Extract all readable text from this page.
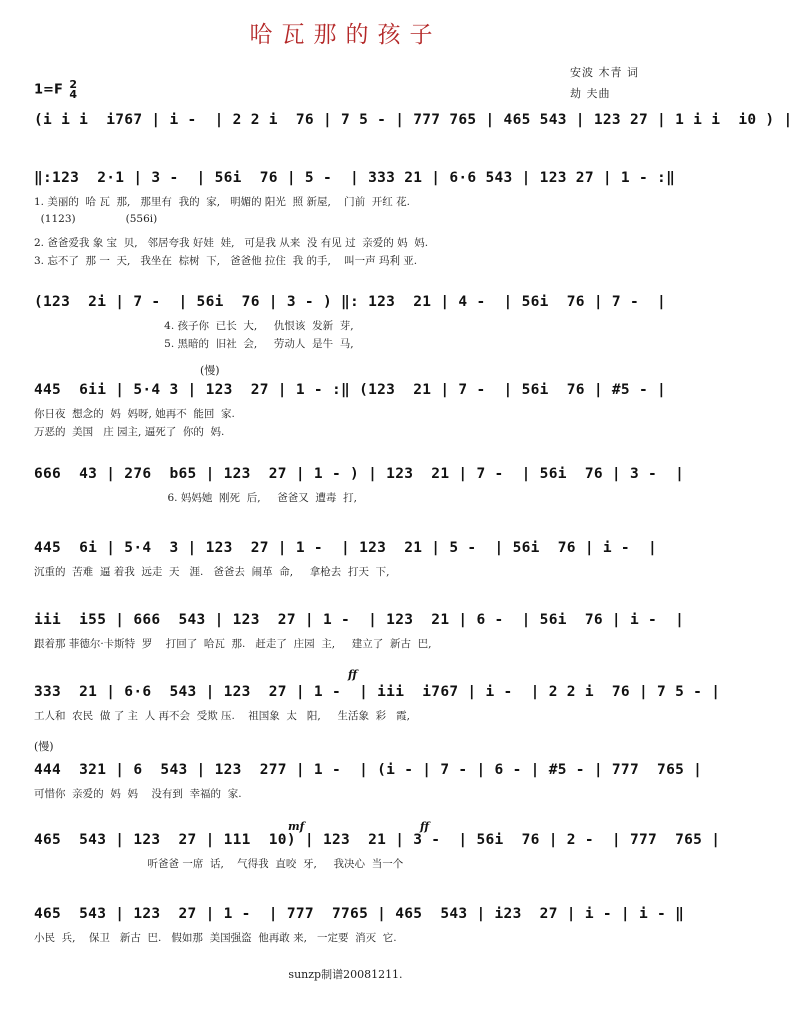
哈瓦那的孩子
安波 木青 词
劫 夫曲
1=F 2
4
(i i i  i767 | i -  | 2 2 i  76 | 7 5 - | 777 765 | 465 543 | 123 27 | 1 i i  i0 ) |
‖:123  2·1 | 3 -  | 56i  76 | 5 -  | 333 21 | 6·6 543 | 123 27 | 1 - :‖
1. 美丽的  哈 瓦  那,   那里有  我的  家,   明媚的 阳光  照 新屋,    门前  开红 花.
(1123)               (556i)
2. 爸爸爱我 象 宝  贝,   邻居夸我 好娃  娃,   可是我 从来  没 有见 过  亲爱的 妈  妈.
3. 忘不了  那 一  天,   我坐在  棕树  下,   爸爸他 拉住  我 的手,    叫一声 玛利 亚.
(123  2i | 7 -  | 56i  76 | 3 - ) ‖: 123  21 | 4 -  | 56i  76 | 7 -  |
4. 孩子你  已长  大,     仇恨该  发新  芽,
5. 黑暗的  旧社  会,     劳动人  是牛  马,
(慢)
445  6ii | 5·4 3 | 123  27 | 1 - :‖ (123  21 | 7 -  | 56i  76 | #5 - |
你日夜  想念的  妈  妈呀, 她再不  能回  家.
万恶的  美国   庄 园主, 逼死了  你的  妈.
666  43 | 276  b65 | 123  27 | 1 - ) | 123  21 | 7 -  | 56i  76 | 3 -  |
6. 妈妈她  刚死  后,     爸爸又  遭毒  打,
445  6i | 5·4  3 | 123  27 | 1 -  | 123  21 | 5 -  | 56i  76 | i -  |
沉重的  苦难  逼 着我  远走  天   涯.   爸爸去  闹革  命,     拿枪去  打天  下,
iii  i55 | 666  543 | 123  27 | 1 -  | 123  21 | 6 -  | 56i  76 | i -  |
跟着那 菲德尔·卡斯特  罗    打回了  哈瓦  那.   赶走了  庄园  主,     建立了  新古  巴,
ff
333  21 | 6·6  543 | 123  27 | 1 -  | iii  i767 | i -  | 2 2 i  76 | 7 5 - |
工人和  农民  做 了 主  人 再不会  受欺 压.    祖国象  太   阳,     生活象  彩   霞,
(慢)
444  321 | 6  543 | 123  277 | 1 -  | (i - | 7 - | 6 - | #5 - | 777  765 |
可惜你  亲爱的  妈  妈    没有到  幸福的  家.
mf	ff
465  543 | 123  27 | 111  10) | 123  21 | 3 -  | 56i  76 | 2 -  | 777  765 |
听爸爸 一席  话,    气得我  直咬  牙,     我决心  当一个
465  543 | 123  27 | 1 -  | 777  7765 | 465  543 | i23  27 | i - | i - ‖
小民  兵,    保卫   新古  巴.   假如那  美国强盗  他再敢 来,   一定要  消灭  它.
sunzp制谱20081211.
